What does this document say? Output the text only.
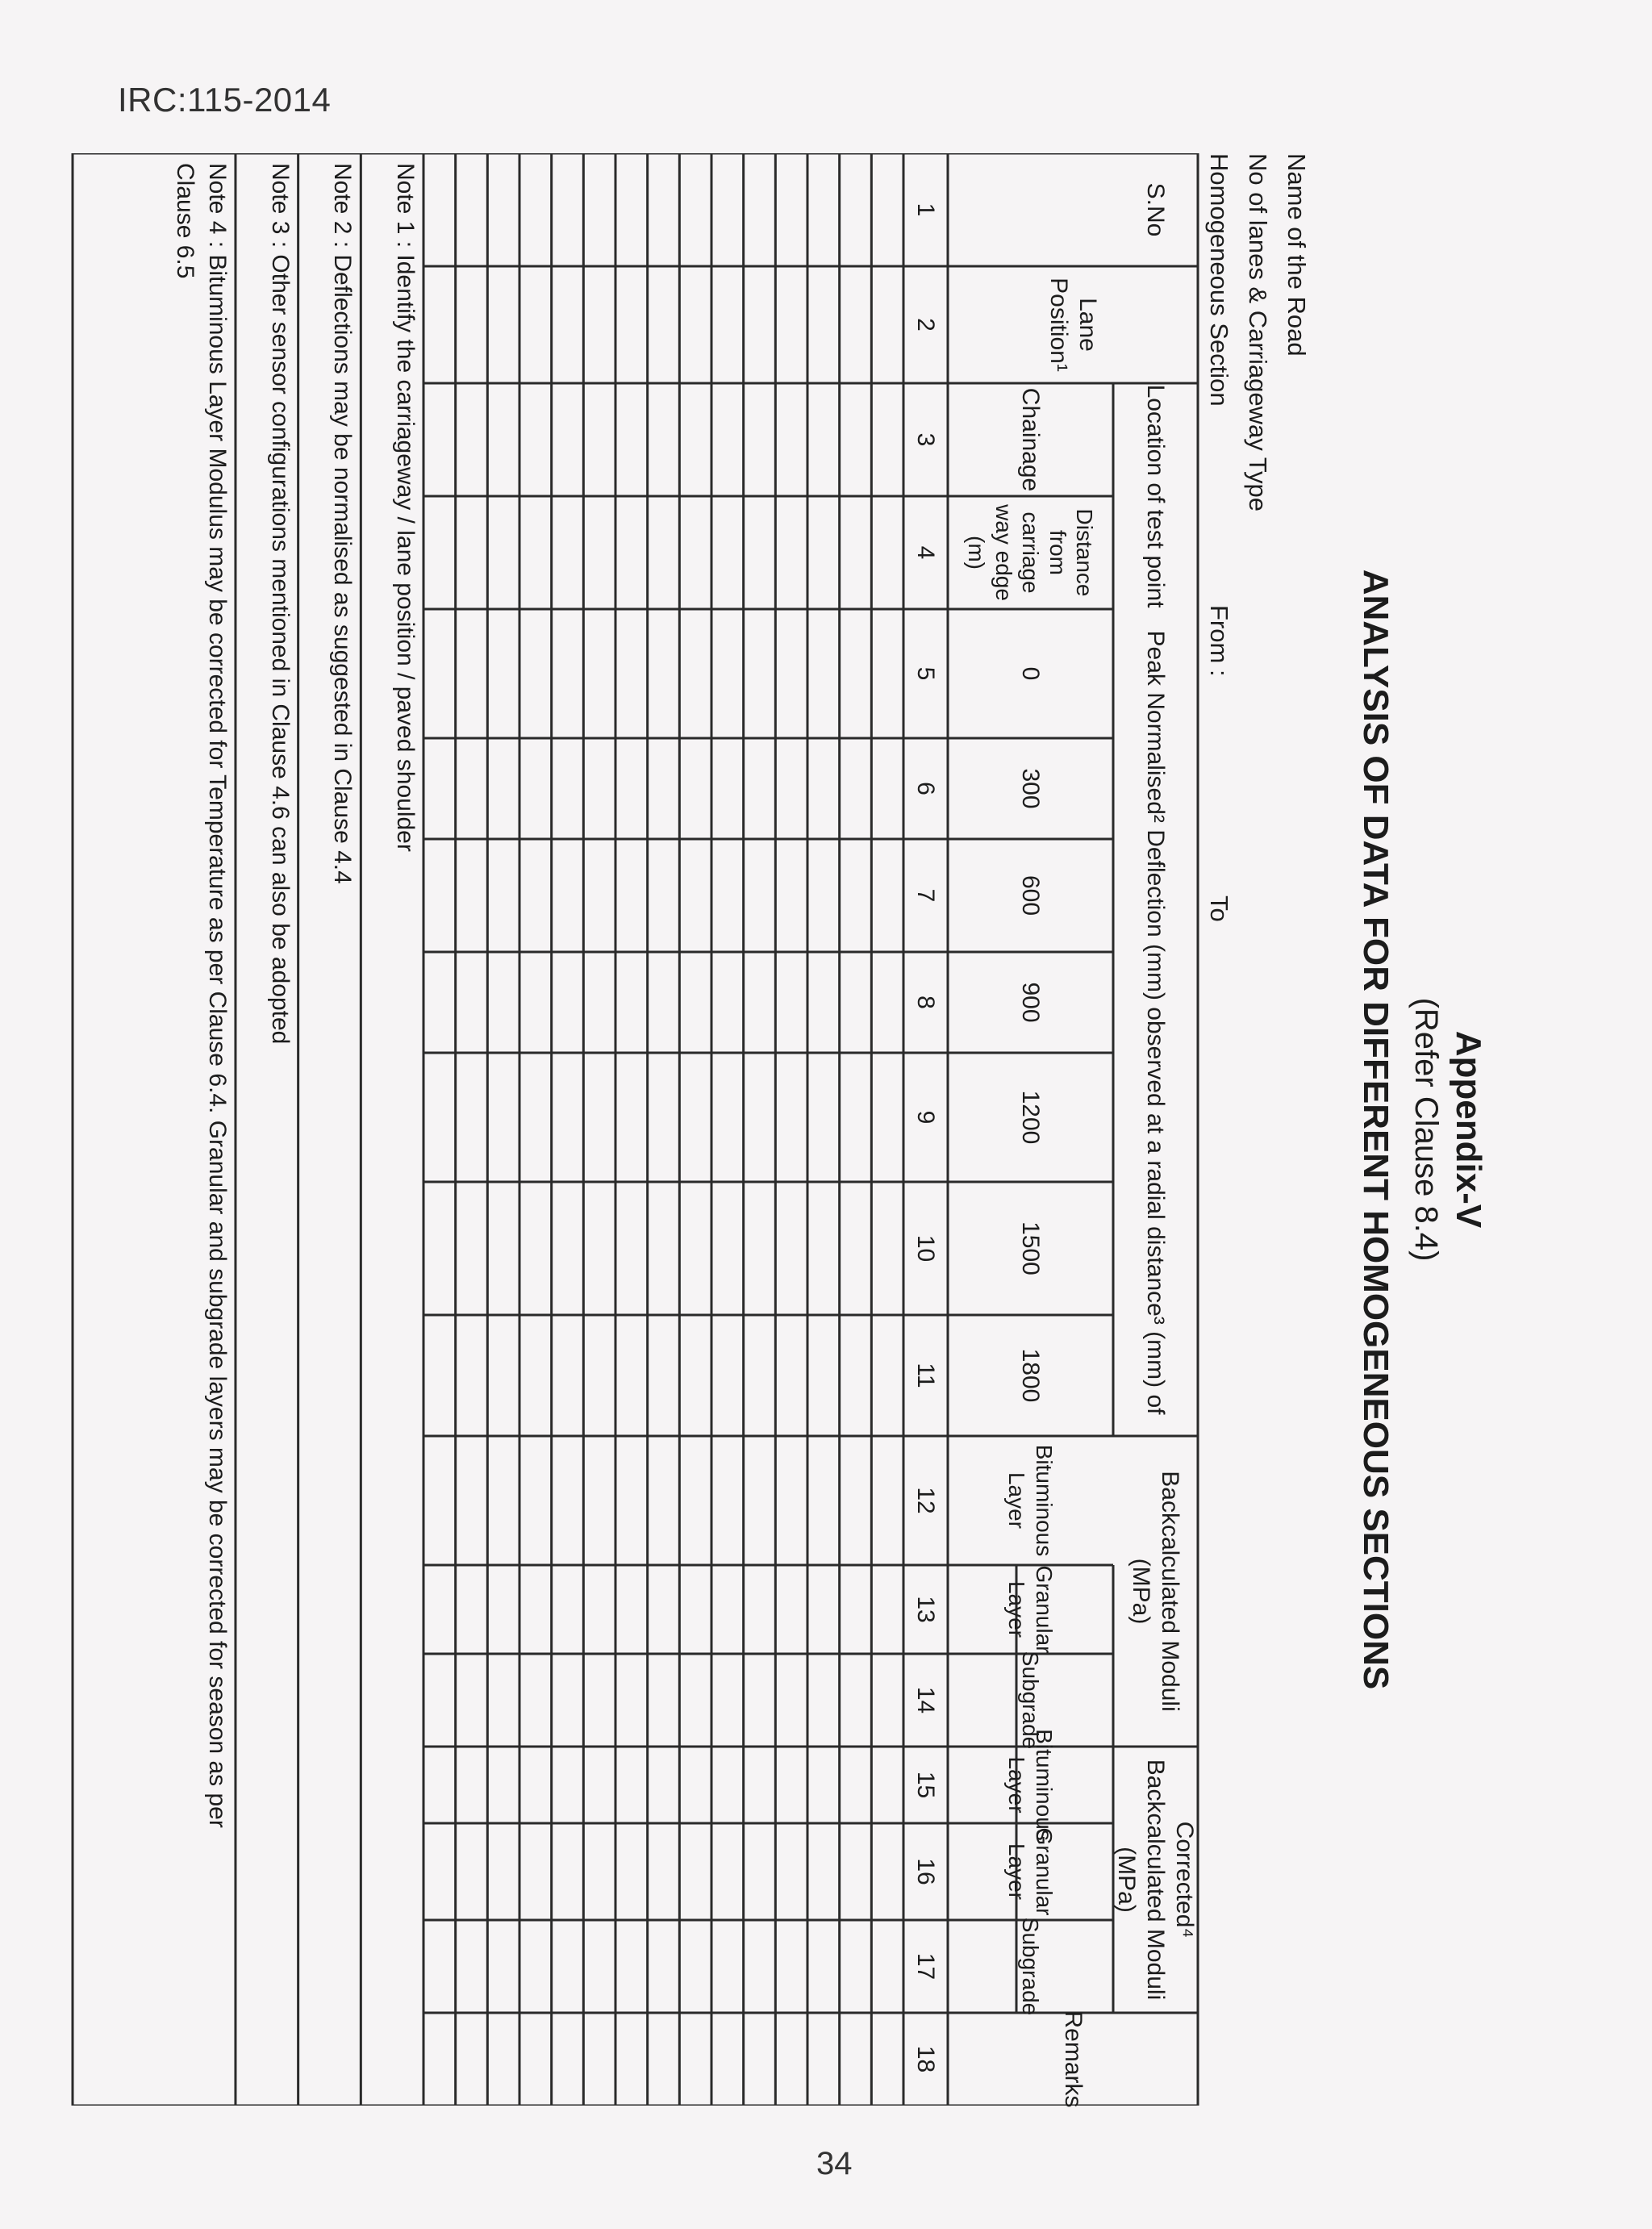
IRC:115-2014
34
Appendix-V
(Refer Clause 8.4)
ANALYSIS OF DATA FOR DIFFERENT HOMOGENEOUS SECTIONS
Name of the Road
No of lanes & Carriageway Type
Homogeneous Section
From
:
To
S.No
Lane Position¹
Location of test point
Chainage
Distance from carriage way edge (m)
Peak Normalised² Deflection (mm) observed at a radial distance³ (mm) of
0
300
600
900
1200
1500
1800
Backcalculated Moduli (MPa)
Corrected⁴ Backcalculated Moduli (MPa)
Remarks
Bituminous Layer
Granular Layer
Subgrade
Bituminous Layer
Granular Layer
Subgrade
1
2
3
4
5
6
7
8
9
10
11
12
13
14
15
16
17
18
Note 1 : Identify the carriageway / lane position / paved shoulder
Note 2 : Deflections may be normalised as suggested in Clause 4.4
Note 3 : Other sensor configurations mentioned in Clause 4.6 can also be adopted
Note 4 : Bituminous Layer Modulus may be corrected for Temperature as per Clause 6.4. Granular and subgrade layers may be corrected for season as per
Clause 6.5
